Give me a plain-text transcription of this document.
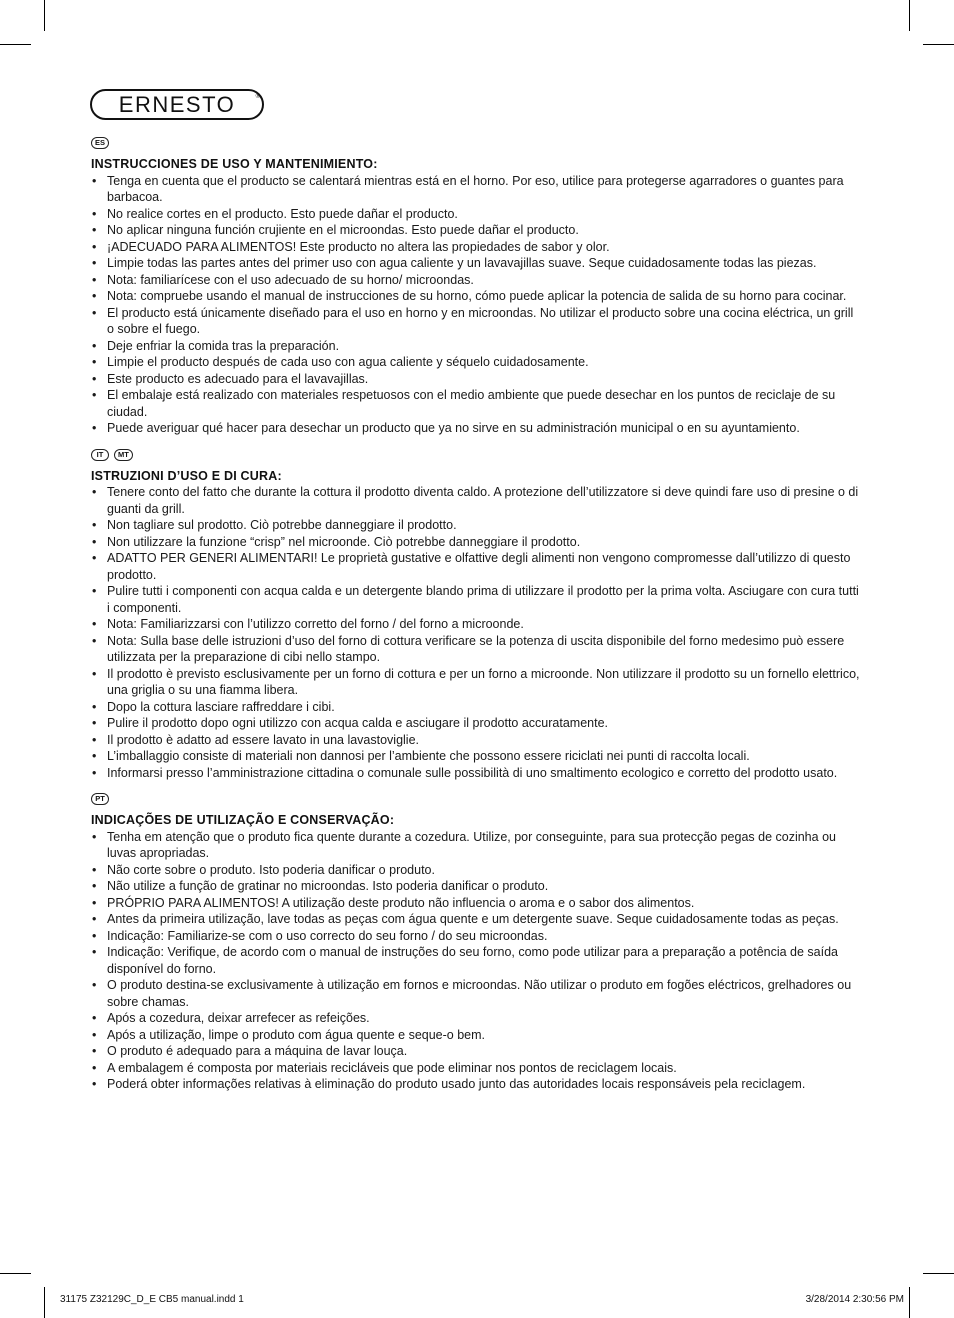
ERNESTO	®
ES
INSTRUCCIONES DE USO Y MANTENIMIENTO:
• Tenga en cuenta que el producto se calentará mientras está en el horno. Por eso, utilice para protegerse agarradores o guantes para barbacoa.
• No realice cortes en el producto. Esto puede dañar el producto.
• No aplicar ninguna función crujiente en el microondas. Esto puede dañar el producto.
• ¡ADECUADO PARA ALIMENTOS! Este producto no altera las propiedades de sabor y olor.
• Limpie todas las partes antes del primer uso con agua caliente y un lavavajillas suave. Seque cuidadosamente todas las piezas.
• Nota: familiarícese con el uso adecuado de su horno/ microondas.
• Nota: compruebe usando el manual de instrucciones de su horno, cómo puede aplicar la potencia de salida de su horno para cocinar.
• El producto está únicamente diseñado para el uso en horno y en microondas. No utilizar el producto sobre una cocina eléctrica, un grill o sobre el fuego.
• Deje enfriar la comida tras la preparación.
• Limpie el producto después de cada uso con agua caliente y séquelo cuidadosamente.
• Este producto es adecuado para el lavavajillas.
• El embalaje está realizado con materiales respetuosos con el medio ambiente que puede desechar en los puntos de reciclaje de su ciudad.
• Puede averiguar qué hacer para desechar un producto que ya no sirve en su administración municipal o en su ayuntamiento.
IT	MT
ISTRUZIONI D’USO E DI CURA:
• Tenere conto del fatto che durante la cottura il prodotto diventa caldo. A protezione dell’utilizzatore si deve quindi fare uso di presine o di guanti da grill.
• Non tagliare sul prodotto. Ciò potrebbe danneggiare il prodotto.
• Non utilizzare la funzione “crisp” nel microonde. Ciò potrebbe danneggiare il prodotto.
• ADATTO PER GENERI ALIMENTARI! Le proprietà gustative e olfattive degli alimenti non vengono compromesse dall’utilizzo di questo prodotto.
• Pulire tutti i componenti con acqua calda e un detergente blando prima di utilizzare il prodotto per la prima volta. Asciugare con cura tutti i componenti.
• Nota: Familiarizzarsi con l’utilizzo corretto del forno / del forno a microonde.
• Nota: Sulla base delle istruzioni d’uso del forno di cottura verificare se la potenza di uscita disponibile del forno medesimo può essere utilizzata per la preparazione di cibi nello stampo.
• Il prodotto è previsto esclusivamente per un forno di cottura e per un forno a microonde. Non utilizzare il prodotto su un fornello elettrico, una griglia o su una fiamma libera.
• Dopo la cottura lasciare raffreddare i cibi.
• Pulire il prodotto dopo ogni utilizzo con acqua calda e asciugare il prodotto accuratamente.
• Il prodotto è adatto ad essere lavato in una lavastoviglie.
• L’imballaggio consiste di materiali non dannosi per l’ambiente che possono essere riciclati nei punti di raccolta locali.
• Informarsi presso l’amministrazione cittadina o comunale sulle possibilità di uno smaltimento ecologico e corretto del prodotto usato.
PT
INDICAÇÕES DE UTILIZAÇÃO E CONSERVAÇÃO:
• Tenha em atenção que o produto fica quente durante a cozedura. Utilize, por conseguinte, para sua protecção pegas de cozinha ou luvas apropriadas.
• Não corte sobre o produto. Isto poderia danificar o produto.
• Não utilize a função de gratinar no microondas. Isto poderia danificar o produto.
• PRÓPRIO PARA ALIMENTOS! A utilização deste produto não influencia o aroma e o sabor dos alimentos.
• Antes da primeira utilização, lave todas as peças com água quente e um detergente suave. Seque cuidadosamente todas as peças.
• Indicação: Familiarize-se com o uso correcto do seu forno / do seu microondas.
• Indicação: Verifique, de acordo com o manual de instruções do seu forno, como pode utilizar para a preparação a potência de saída disponível do forno.
• O produto destina-se exclusivamente à utilização em fornos e microondas. Não utilizar o produto em fogões eléctricos, grelhadores ou sobre chamas.
• Após a cozedura, deixar arrefecer as refeições.
• Após a utilização, limpe o produto com água quente e seque-o bem.
• O produto é adequado para a máquina de lavar louça.
• A embalagem é composta por materiais recicláveis que pode eliminar nos pontos de reciclagem locais.
• Poderá obter informações relativas à eliminação do produto usado junto das autoridades locais responsáveis pela reciclagem.
31175 Z32129C_D_E CB5 manual.indd 1	3/28/2014 2:30:56 PM
